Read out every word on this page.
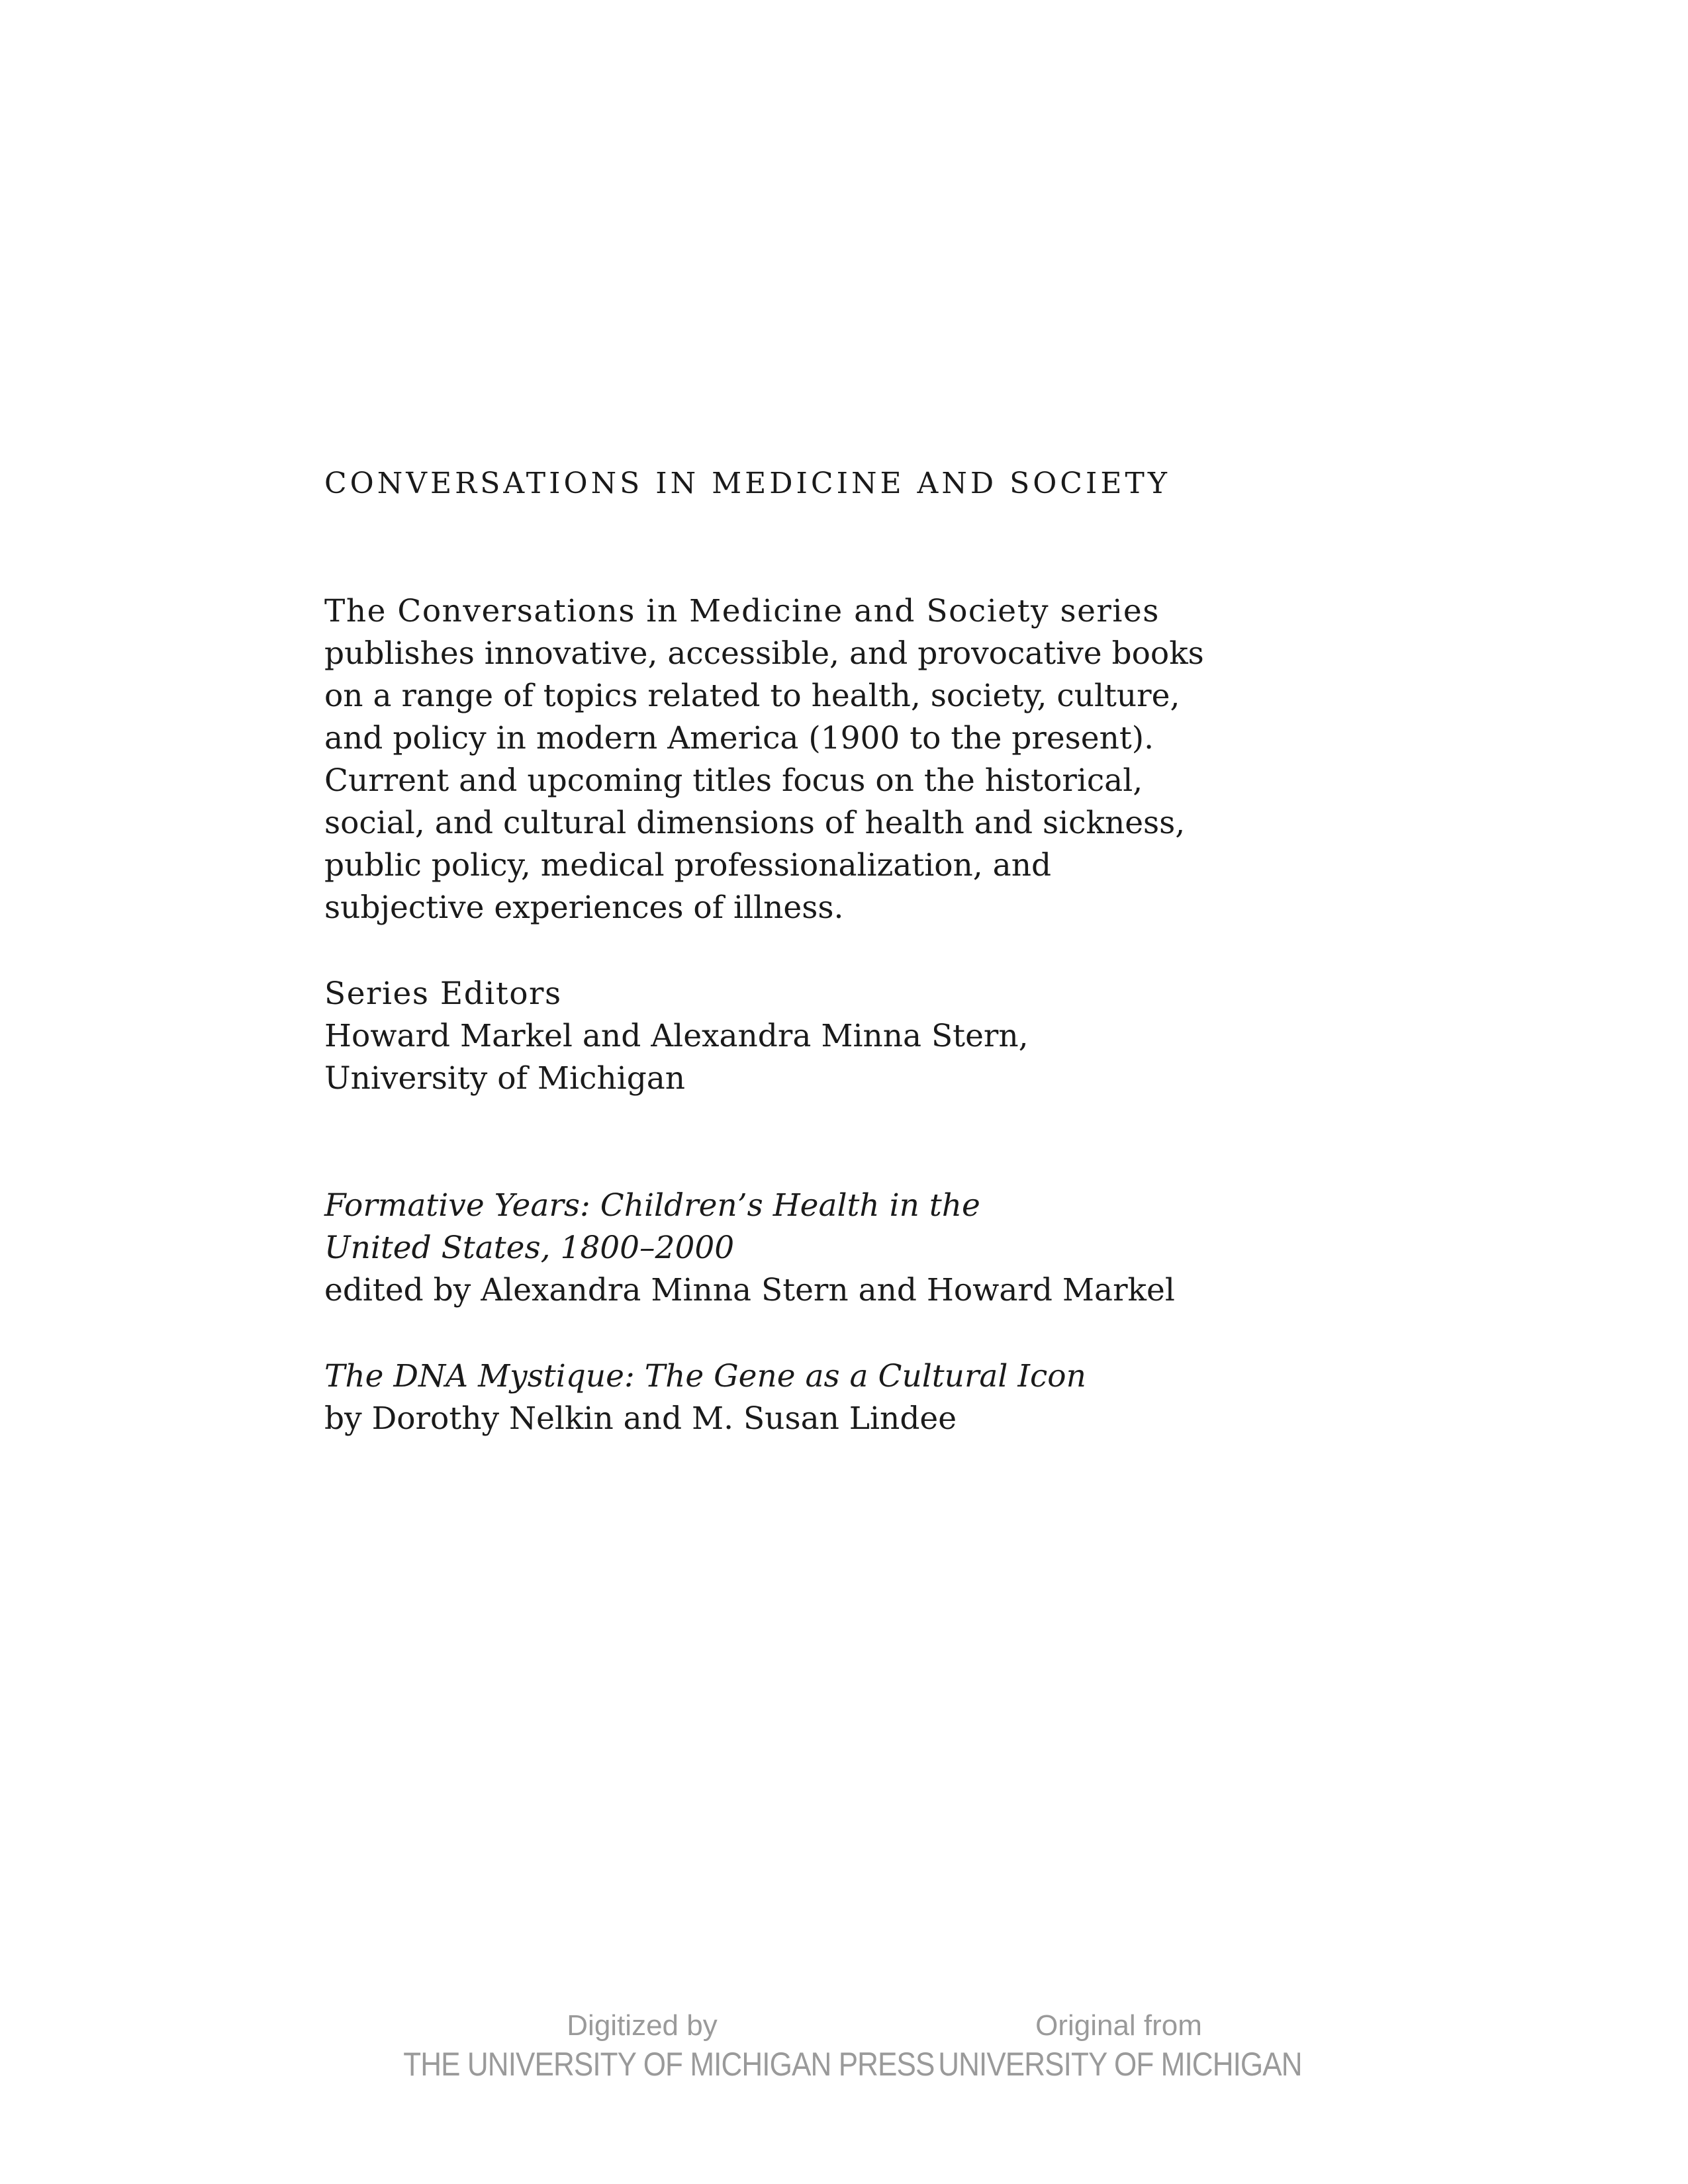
CONVERSATIONS IN MEDICINE AND SOCIETY
The Conversations in Medicine and Society series
publishes innovative, accessible, and provocative books
on a range of topics related to health, society, culture,
and policy in modern America (1900 to the present).
Current and upcoming titles focus on the historical,
social, and cultural dimensions of health and sickness,
public policy, medical professionalization, and
subjective experiences of illness.
Series Editors
Howard Markel and Alexandra Minna Stern,
University of Michigan
Formative Years: Children’s Health in the
United States, 1800–2000
edited by Alexandra Minna Stern and Howard Markel
The DNA Mystique: The Gene as a Cultural Icon
by Dorothy Nelkin and M. Susan Lindee
Digitized by
THE UNIVERSITY OF MICHIGAN PRESS
Original from
UNIVERSITY OF MICHIGAN
